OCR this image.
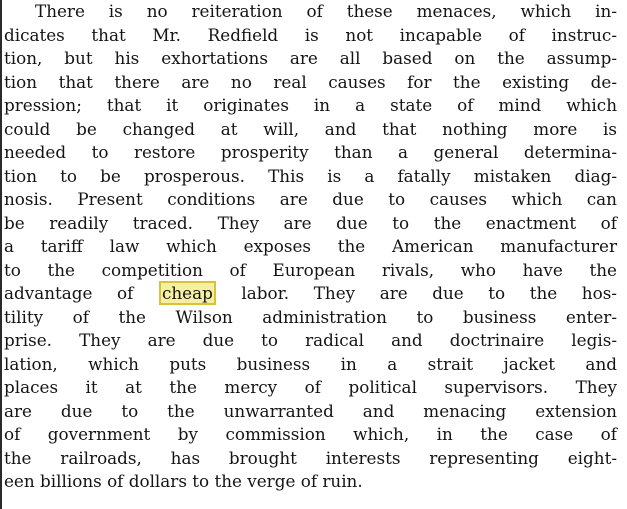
There is no reiteration of these menaces, which in-
dicates that Mr. Redfield is not incapable of instruc-
tion, but his exhortations are all based on the assump-
tion that there are no real causes for the existing de-
pression; that it originates in a state of mind which
could be changed at will, and that nothing more is
needed to restore prosperity than a general determina-
tion to be prosperous. This is a fatally mistaken diag-
nosis. Present conditions are due to causes which can
be readily traced. They are due to the enactment of
a tariff law which exposes the American manufacturer
to the competition of European rivals, who have the
advantage of cheap labor. They are due to the hos-
tility of the Wilson administration to business enter-
prise. They are due to radical and doctrinaire legis-
lation, which puts business in a strait jacket and
places it at the mercy of political supervisors. They
are due to the unwarranted and menacing extension
of government by commission which, in the case of
the railroads, has brought interests representing eight-
een billions of dollars to the verge of ruin.
